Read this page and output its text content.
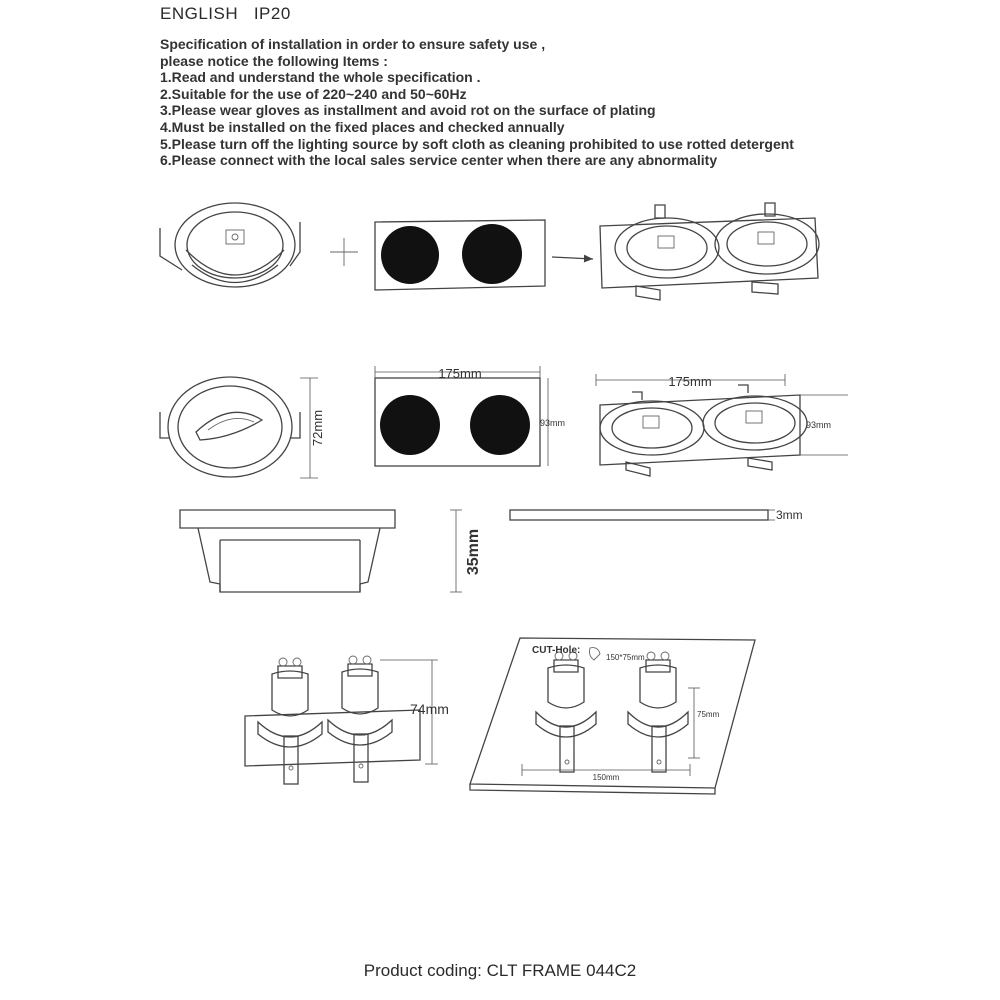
ENGLISH IP20
Specification of installation in order to ensure safety use ,
please notice the following Items :
1.Read and understand the whole specification .
2.Suitable for the use of 220~240 and 50~60Hz
3.Please wear gloves as installment and avoid rot on the surface of plating
4.Must be installed on the fixed places and checked annually
5.Please turn off the lighting source by soft cloth as cleaning prohibited to use rotted detergent
6.Please connect with the local sales service center when there are any abnormality
72mm
175mm
93mm
175mm
93mm
35mm
3mm
74mm
CUT-Hole:
150*75mm
75mm
150mm
Product coding: CLT FRAME 044C2
